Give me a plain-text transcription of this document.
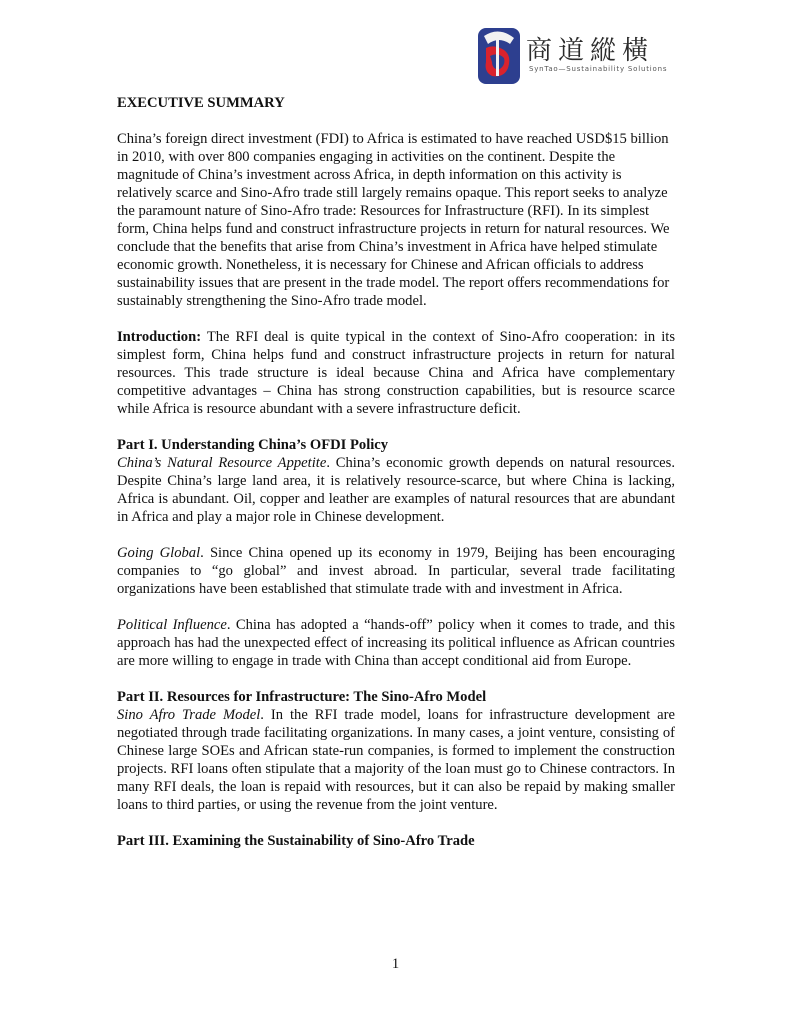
商道縱橫
SynTao—Sustainability Solutions
EXECUTIVE SUMMARY

China’s foreign direct investment (FDI) to Africa is estimated to have reached USD$15 billion in 2010, with over 800 companies engaging in activities on the continent. Despite the magnitude of China’s investment across Africa, in depth information on this activity is relatively scarce and Sino-Afro trade still largely remains opaque. This report seeks to analyze the paramount nature of Sino-Afro trade: Resources for Infrastructure (RFI). In its simplest form, China helps fund and construct infrastructure projects in return for natural resources. We conclude that the benefits that arise from China’s investment in Africa have helped stimulate economic growth. Nonetheless, it is necessary for Chinese and African officials to address sustainability issues that are present in the trade model. The report offers recommendations for sustainably strengthening the Sino-Afro trade model.

Introduction: The RFI deal is quite typical in the context of Sino-Afro cooperation: in its simplest form, China helps fund and construct infrastructure projects in return for natural resources. This trade structure is ideal because China and Africa have complementary competitive advantages – China has strong construction capabilities, but is resource scarce while Africa is resource abundant with a severe infrastructure deficit.

Part I. Understanding China’s OFDI Policy

China’s Natural Resource Appetite. China’s economic growth depends on natural resources. Despite China’s large land area, it is relatively resource-scarce, but where China is lacking, Africa is abundant. Oil, copper and leather are examples of natural resources that are abundant in Africa and play a major role in Chinese development.

Going Global. Since China opened up its economy in 1979, Beijing has been encouraging companies to “go global” and invest abroad. In particular, several trade facilitating organizations have been established that stimulate trade with and investment in Africa.

Political Influence. China has adopted a “hands-off” policy when it comes to trade, and this approach has had the unexpected effect of increasing its political influence as African countries are more willing to engage in trade with China than accept conditional aid from Europe.

Part II. Resources for Infrastructure: The Sino-Afro Model

Sino Afro Trade Model. In the RFI trade model, loans for infrastructure development are negotiated through trade facilitating organizations. In many cases, a joint venture, consisting of Chinese large SOEs and African state-run companies, is formed to implement the construction projects. RFI loans often stipulate that a majority of the loan must go to Chinese contractors. In many RFI deals, the loan is repaid with resources, but it can also be repaid by making smaller loans to third parties, or using the revenue from the joint venture.

Part III. Examining the Sustainability of Sino-Afro Trade
1
